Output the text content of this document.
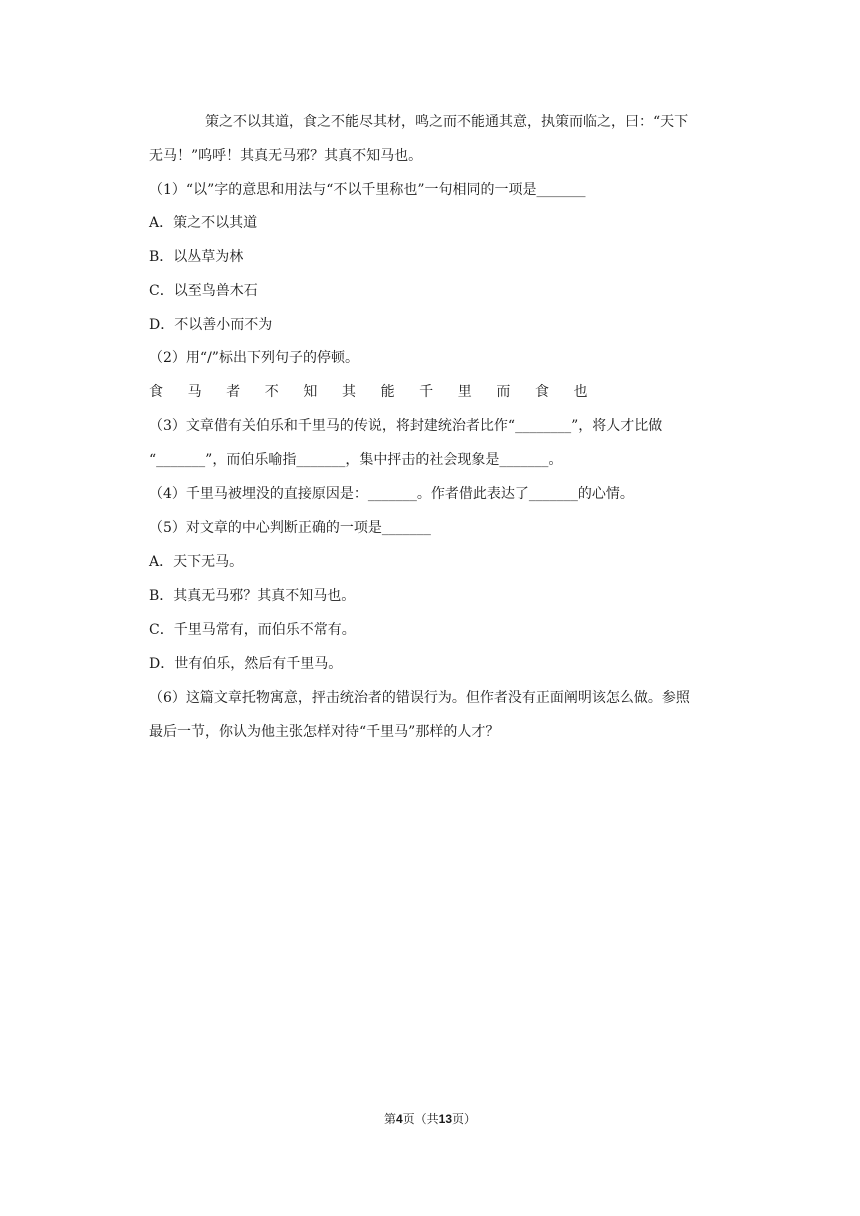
策之不以其道，食之不能尽其材，鸣之而不能通其意，执策而临之，曰：“天下
无马！”呜呼！其真无马邪？其真不知马也。
（1）“以”字的意思和用法与“不以千里称也”一句相同的一项是_______
A．策之不以其道
B．以丛草为林
C．以至鸟兽木石
D．不以善小而不为
（2）用“/”标出下列句子的停顿。
食 马 者 不 知 其 能 千 里 而 食 也
（3）文章借有关伯乐和千里马的传说，将封建统治者比作“________”，将人才比做
“_______”，而伯乐喻指_______，集中抨击的社会现象是_______。
（4）千里马被埋没的直接原因是：_______。作者借此表达了_______的心情。
（5）对文章的中心判断正确的一项是_______
A．天下无马。
B．其真无马邪？其真不知马也。
C．千里马常有，而伯乐不常有。
D．世有伯乐，然后有千里马。
（6）这篇文章托物寓意，抨击统治者的错误行为。但作者没有正面阐明该怎么做。参照
最后一节，你认为他主张怎样对待“千里马”那样的人才？
第4页（共13页）
